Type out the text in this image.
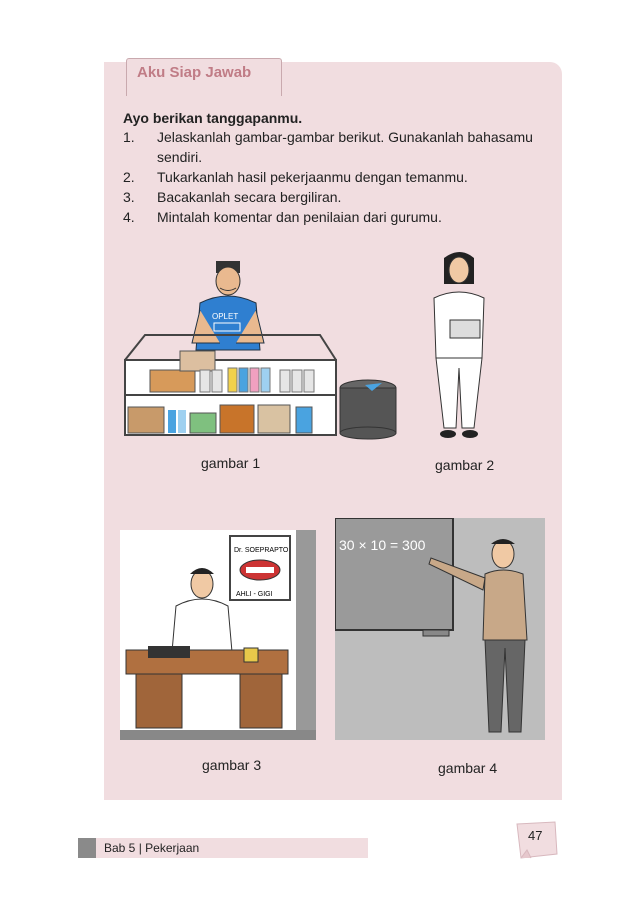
Aku Siap Jawab
Ayo berikan tanggapanmu.
1. Jelaskanlah gambar-gambar berikut. Gunakanlah bahasamu sendiri.
2. Tukarkanlah hasil pekerjaanmu dengan temanmu.
3. Bacakanlah secara bergiliran.
4. Mintalah komentar dan penilaian dari gurumu.
OPLET
gambar 1	gambar 2
Dr. SOEPRAPTO
AHLI - GIGI
30 × 10 = 300
gambar 3	gambar 4
Bab 5 | Pekerjaan
47
